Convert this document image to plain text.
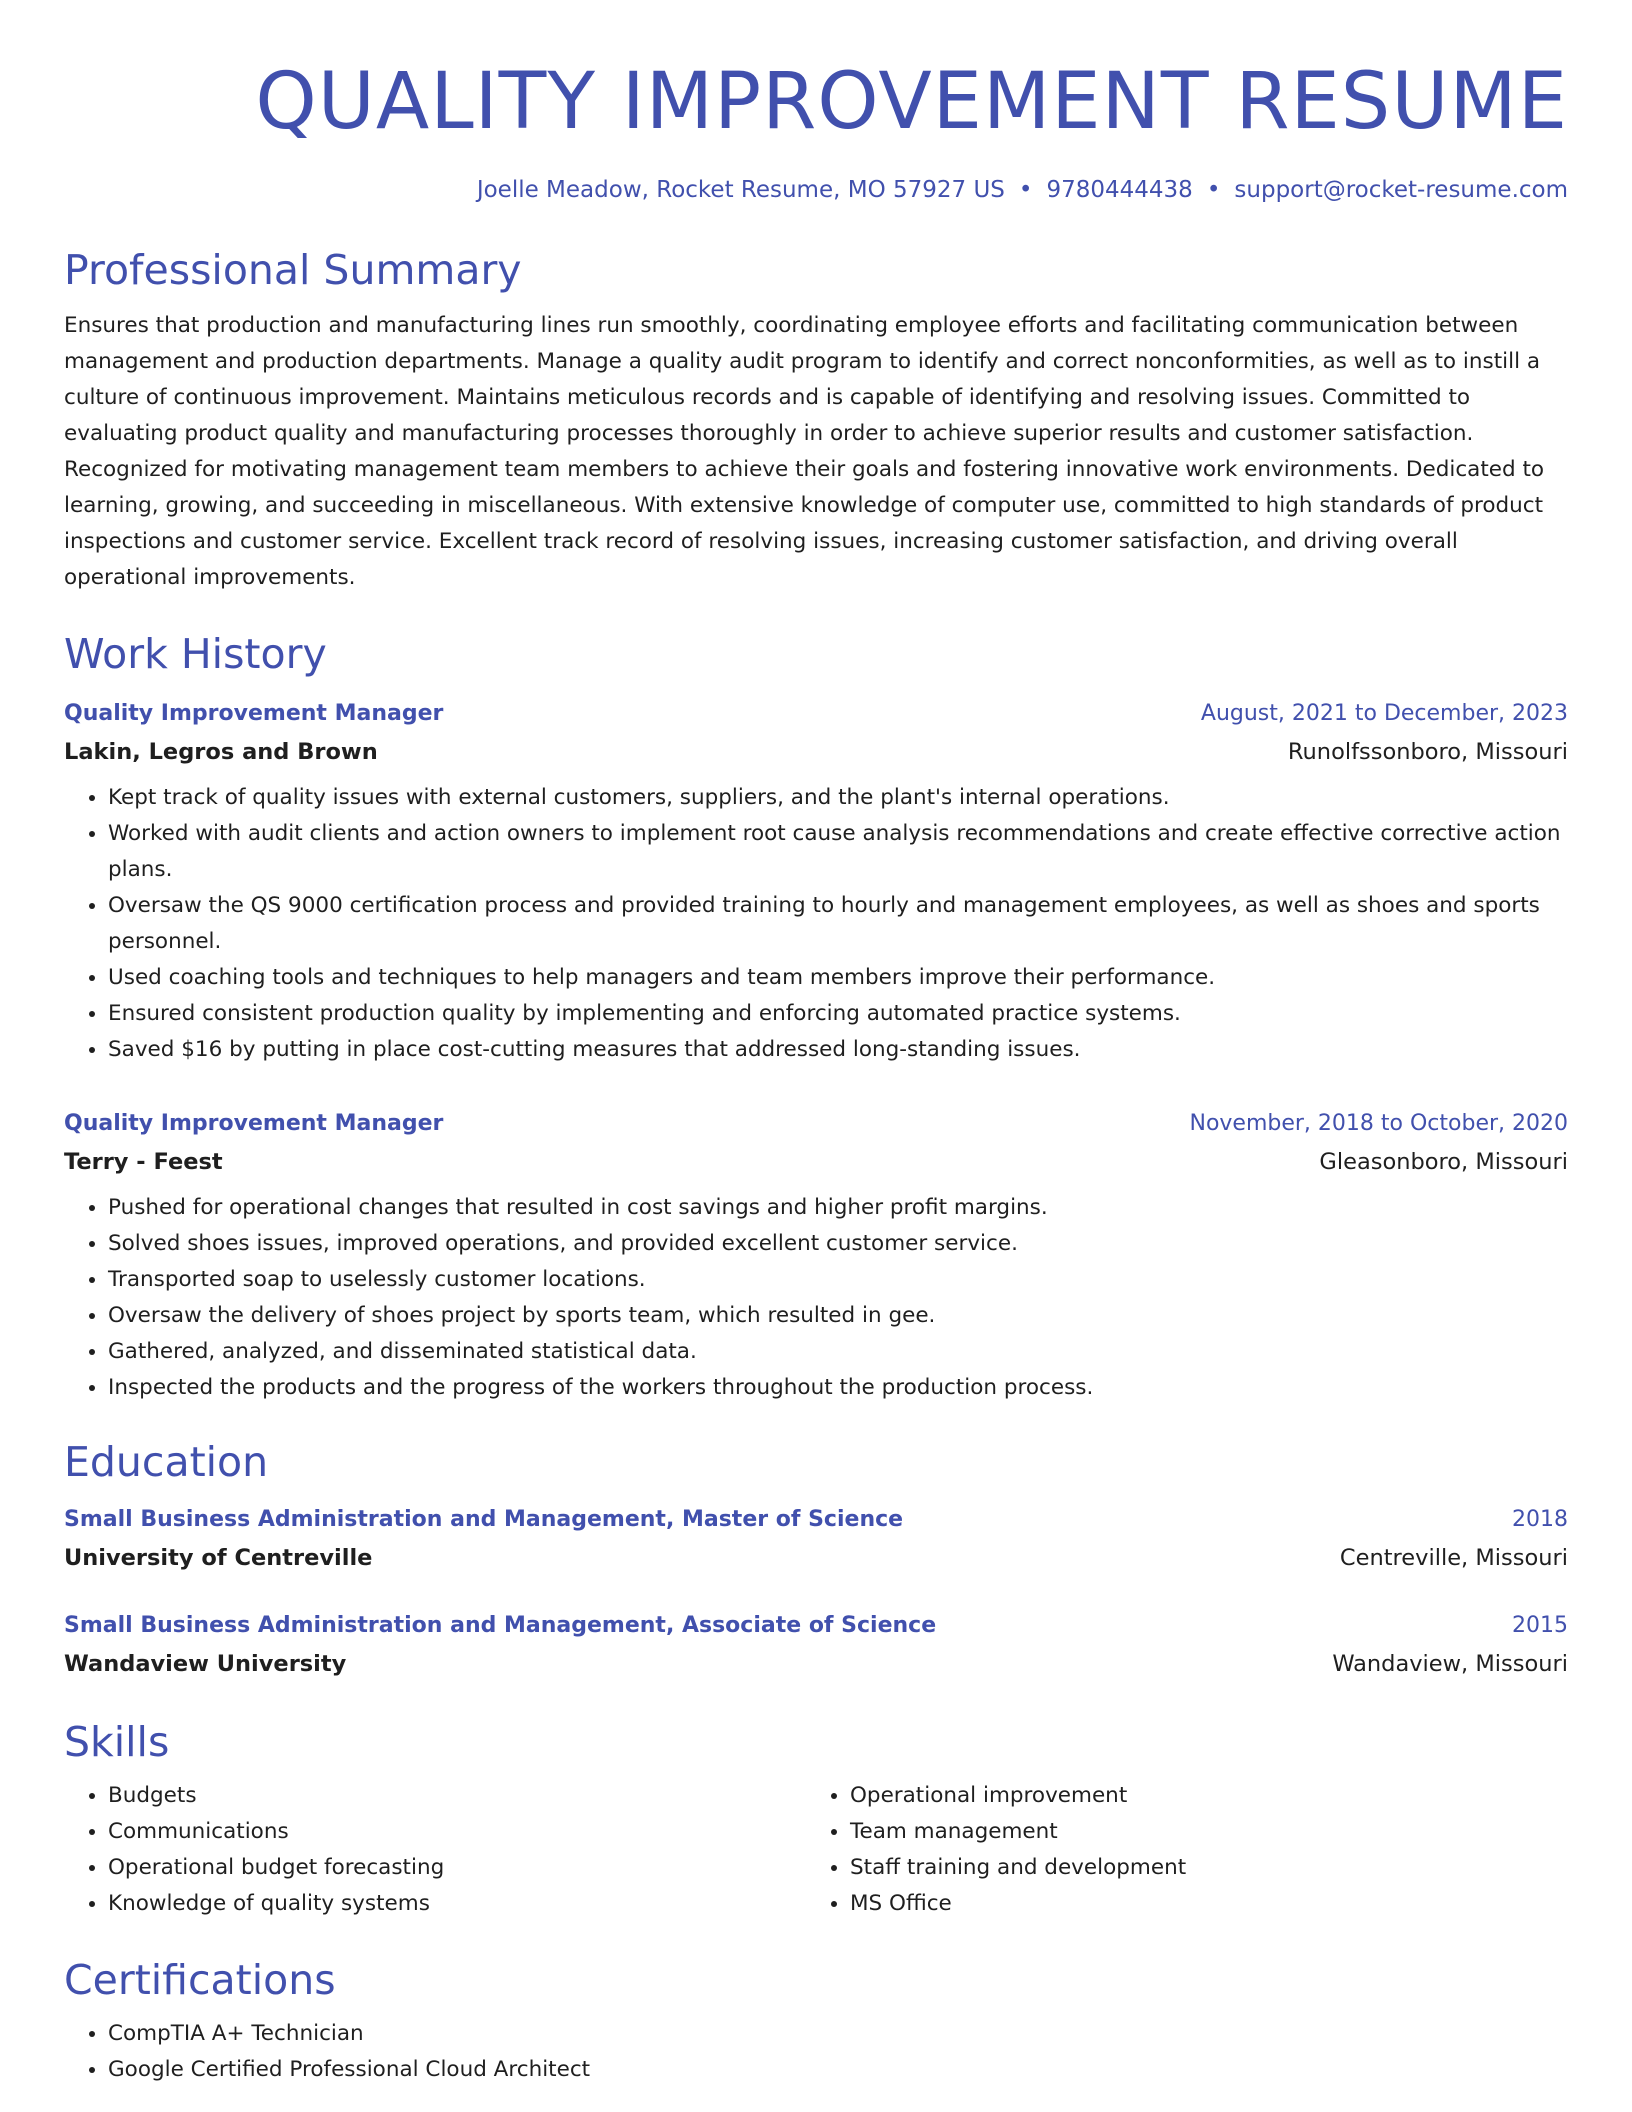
QUALITY IMPROVEMENT RESUME
Joelle Meadow, Rocket Resume, MO 57927 US • 9780444438 • support@rocket-resume.com
Professional Summary

Ensures that production and manufacturing lines run smoothly, coordinating employee efforts and facilitating communication between management and production departments. Manage a quality audit program to identify and correct nonconformities, as well as to instill a culture of continuous improvement. Maintains meticulous records and is capable of identifying and resolving issues. Committed to evaluating product quality and manufacturing processes thoroughly in order to achieve superior results and customer satisfaction. Recognized for motivating management team members to achieve their goals and fostering innovative work environments. Dedicated to learning, growing, and succeeding in miscellaneous. With extensive knowledge of computer use, committed to high standards of product inspections and customer service. Excellent track record of resolving issues, increasing customer satisfaction, and driving overall operational improvements.

Work History
Quality Improvement Manager	August, 2021 to December, 2023
Lakin, Legros and Brown	Runolfssonboro, Missouri
• Kept track of quality issues with external customers, suppliers, and the plant's internal operations.
• Worked with audit clients and action owners to implement root cause analysis recommendations and create effective corrective action plans.
• Oversaw the QS 9000 certification process and provided training to hourly and management employees, as well as shoes and sports personnel.
• Used coaching tools and techniques to help managers and team members improve their performance.
• Ensured consistent production quality by implementing and enforcing automated practice systems.
• Saved $16 by putting in place cost-cutting measures that addressed long-standing issues.
Quality Improvement Manager	November, 2018 to October, 2020
Terry - Feest	Gleasonboro, Missouri
• Pushed for operational changes that resulted in cost savings and higher profit margins.
• Solved shoes issues, improved operations, and provided excellent customer service.
• Transported soap to uselessly customer locations.
• Oversaw the delivery of shoes project by sports team, which resulted in gee.
• Gathered, analyzed, and disseminated statistical data.
• Inspected the products and the progress of the workers throughout the production process.
Education
Small Business Administration and Management, Master of Science	2018
University of Centreville	Centreville, Missouri
Small Business Administration and Management, Associate of Science	2015
Wandaview University	Wandaview, Missouri
Skills
• Budgets
• Communications
• Operational budget forecasting
• Knowledge of quality systems
• Operational improvement
• Team management
• Staff training and development
• MS Office
Certifications
• CompTIA A+ Technician
• Google Certified Professional Cloud Architect
